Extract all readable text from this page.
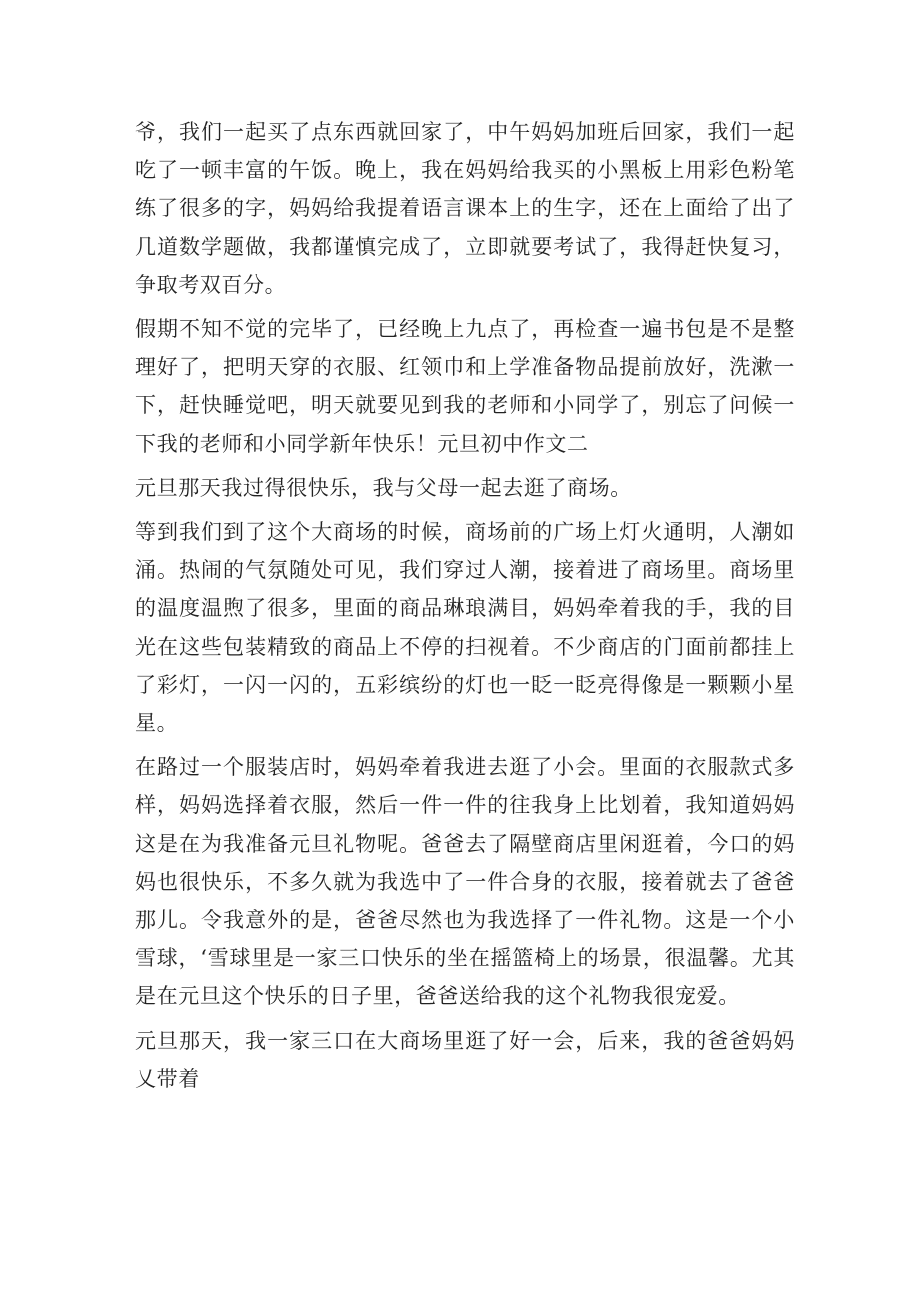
爷，我们一起买了点东西就回家了，中午妈妈加班后回家，我们一起吃了一顿丰富的午饭。晚上，我在妈妈给我买的小黑板上用彩色粉笔练了很多的字，妈妈给我提着语言课本上的生字，还在上面给了出了几道数学题做，我都谨慎完成了，立即就要考试了，我得赶快复习，争取考双百分。

假期不知不觉的完毕了，已经晚上九点了，再检查一遍书包是不是整理好了，把明天穿的衣服、红领巾和上学准备物品提前放好，洗漱一下，赶快睡觉吧，明天就要见到我的老师和小同学了，别忘了问候一下我的老师和小同学新年快乐！元旦初中作文二

元旦那天我过得很快乐，我与父母一起去逛了商场。

等到我们到了这个大商场的时候，商场前的广场上灯火通明，人潮如涌。热闹的气氛随处可见，我们穿过人潮，接着进了商场里。商场里的温度温煦了很多，里面的商品琳琅满目，妈妈牵着我的手，我的目光在这些包装精致的商品上不停的扫视着。不少商店的门面前都挂上了彩灯，一闪一闪的，五彩缤纷的灯也一眨一眨亮得像是一颗颗小星星。

在路过一个服装店时，妈妈牵着我进去逛了小会。里面的衣服款式多样，妈妈选择着衣服，然后一件一件的往我身上比划着，我知道妈妈这是在为我准备元旦礼物呢。爸爸去了隔壁商店里闲逛着，今口的妈妈也很快乐，不多久就为我选中了一件合身的衣服，接着就去了爸爸那儿。令我意外的是，爸爸尽然也为我选择了一件礼物。这是一个小雪球，‘雪球里是一家三口快乐的坐在摇篮椅上的场景，很温馨。尤其是在元旦这个快乐的日子里，爸爸送给我的这个礼物我很宠爱。

元旦那天，我一家三口在大商场里逛了好一会，后来，我的爸爸妈妈乂带着
